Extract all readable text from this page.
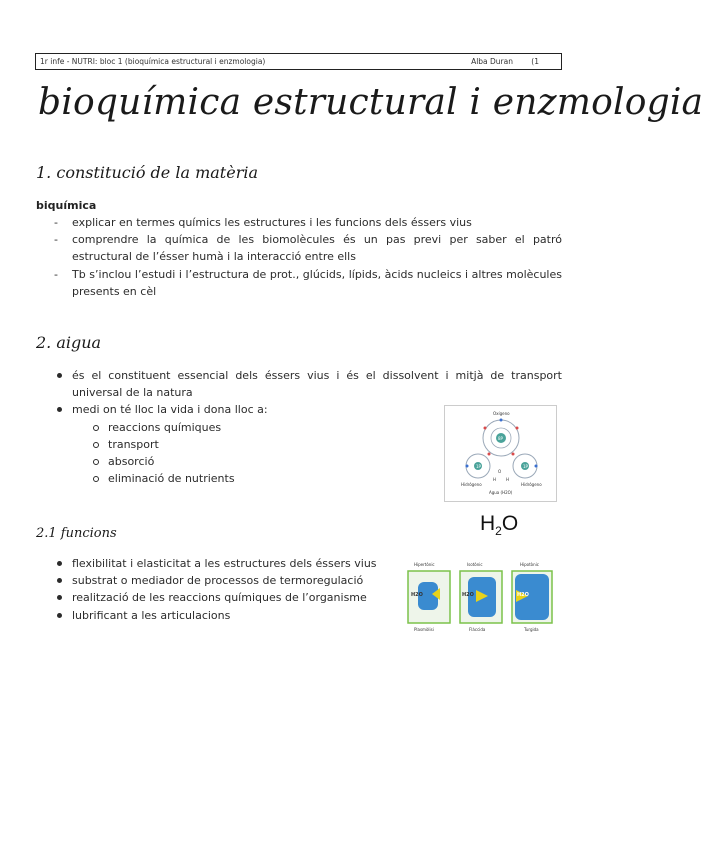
1r infe - NUTRI: bloc 1 (bioquímica estructural i enzmologia)	Alba Duran (1
bioquímica estructural i enzmologia
1. constitució de la matèria
biquímica
- explicar en termes químics les estructures i les funcions dels éssers vius
- comprendre la química de les biomolècules és un pas previ per saber el patró estructural de l’ésser humà i la interacció entre ells
- Tb s’inclou l’estudi i l’estructura de prot., glúcids, lípids, àcids nucleics i altres molècules presents en cèl
2. aigua
és el constituent essencial dels éssers vius i és el dissolvent i mitjà de transport universal de la natura
medi on té lloc la vida i dona lloc a:
reaccions químiques
transport
absorció
eliminació de nutrients
Oxígeno
8P
1P	1P
O
H H
Hidrógeno	Hidrógeno
Agua (H2O)
$H_2O$
2.1 funcions
flexibilitat i elasticitat a les estructures dels éssers vius
substrat o mediador de processos de termoregulació
realització de les reaccions químiques de l’organisme
lubrificant a les articulacions
Hipertònic	Isotònic	Hipotònic
H2O	H2O	H2O
Plasmòlisi	Flàccida	Turgida
